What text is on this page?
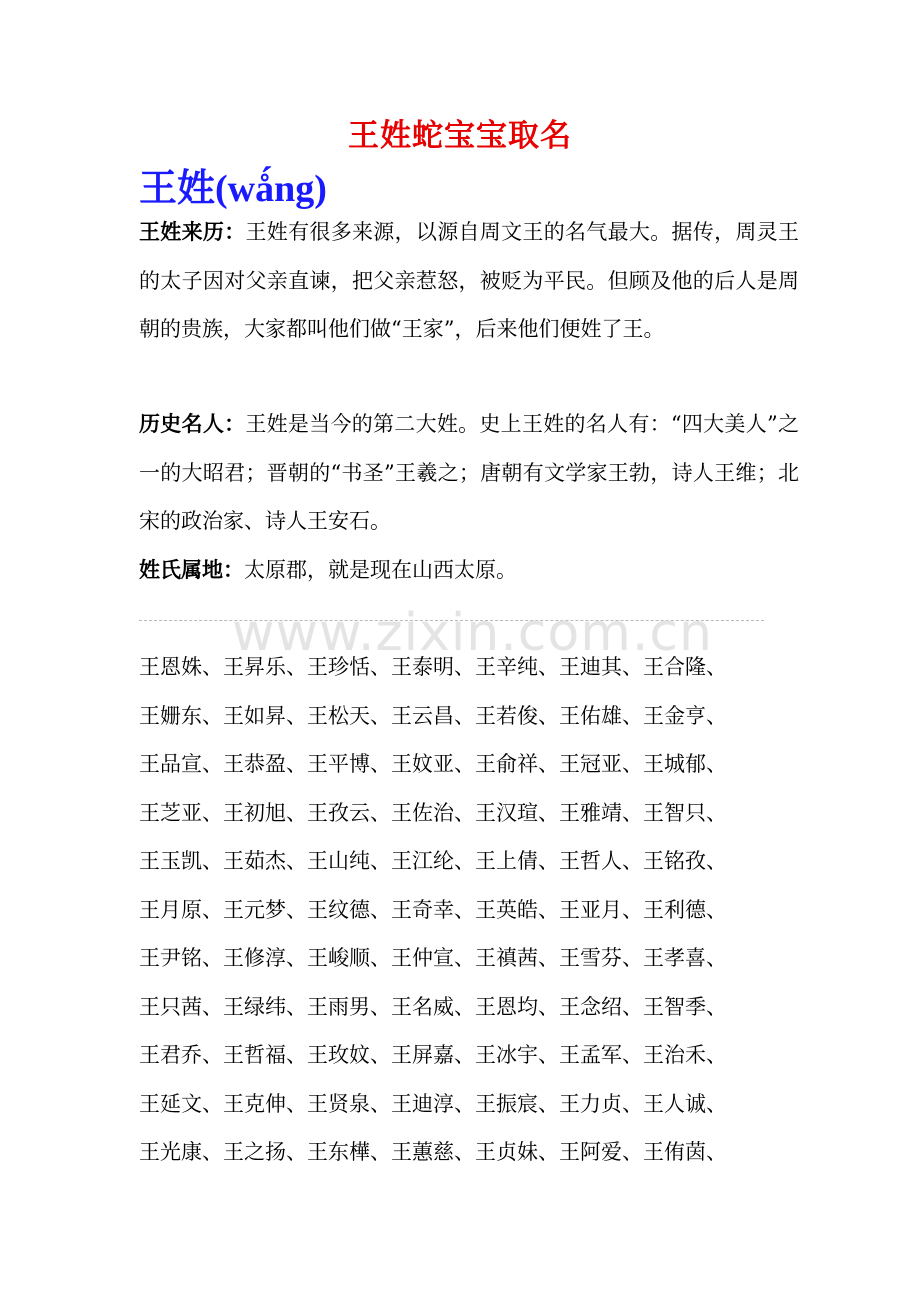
王姓蛇宝宝取名
王姓(wǻng)
王姓来历：王姓有很多来源，以源自周文王的名气最大。据传，周灵王的太子因对父亲直谏，把父亲惹怒，被贬为平民。但顾及他的后人是周朝的贵族，大家都叫他们做“王家”，后来他们便姓了王。
历史名人：王姓是当今的第二大姓。史上王姓的名人有：“四大美人”之一的大昭君；晋朝的“书圣”王羲之；唐朝有文学家王勃，诗人王维；北宋的政治家、诗人王安石。
姓氏属地：太原郡，就是现在山西太原。
www.zixin.com.cn
王恩姝、王昇乐、王珍恬、王泰明、王辛纯、王迪其、王合隆、
王姗东、王如昇、王松天、王云昌、王若俊、王佑雄、王金亨、
王品宣、王恭盈、王平博、王妏亚、王俞祥、王冠亚、王城郁、
王芝亚、王初旭、王孜云、王佐治、王汉瑄、王雅靖、王智只、
王玉凯、王茹杰、王山纯、王江纶、王上倩、王哲人、王铭孜、
王月原、王元梦、王纹德、王奇幸、王英皓、王亚月、王利德、
王尹铭、王修淳、王峻顺、王仲宣、王禛茜、王雪芬、王孝喜、
王只茜、王绿纬、王雨男、王名威、王恩均、王念绍、王智季、
王君乔、王哲福、王玫妏、王屏嘉、王冰宇、王孟军、王治禾、
王延文、王克伸、王贤泉、王迪淳、王振宸、王力贞、王人诚、
王光康、王之扬、王东樺、王蕙慈、王贞妹、王阿爱、王侑茵、
